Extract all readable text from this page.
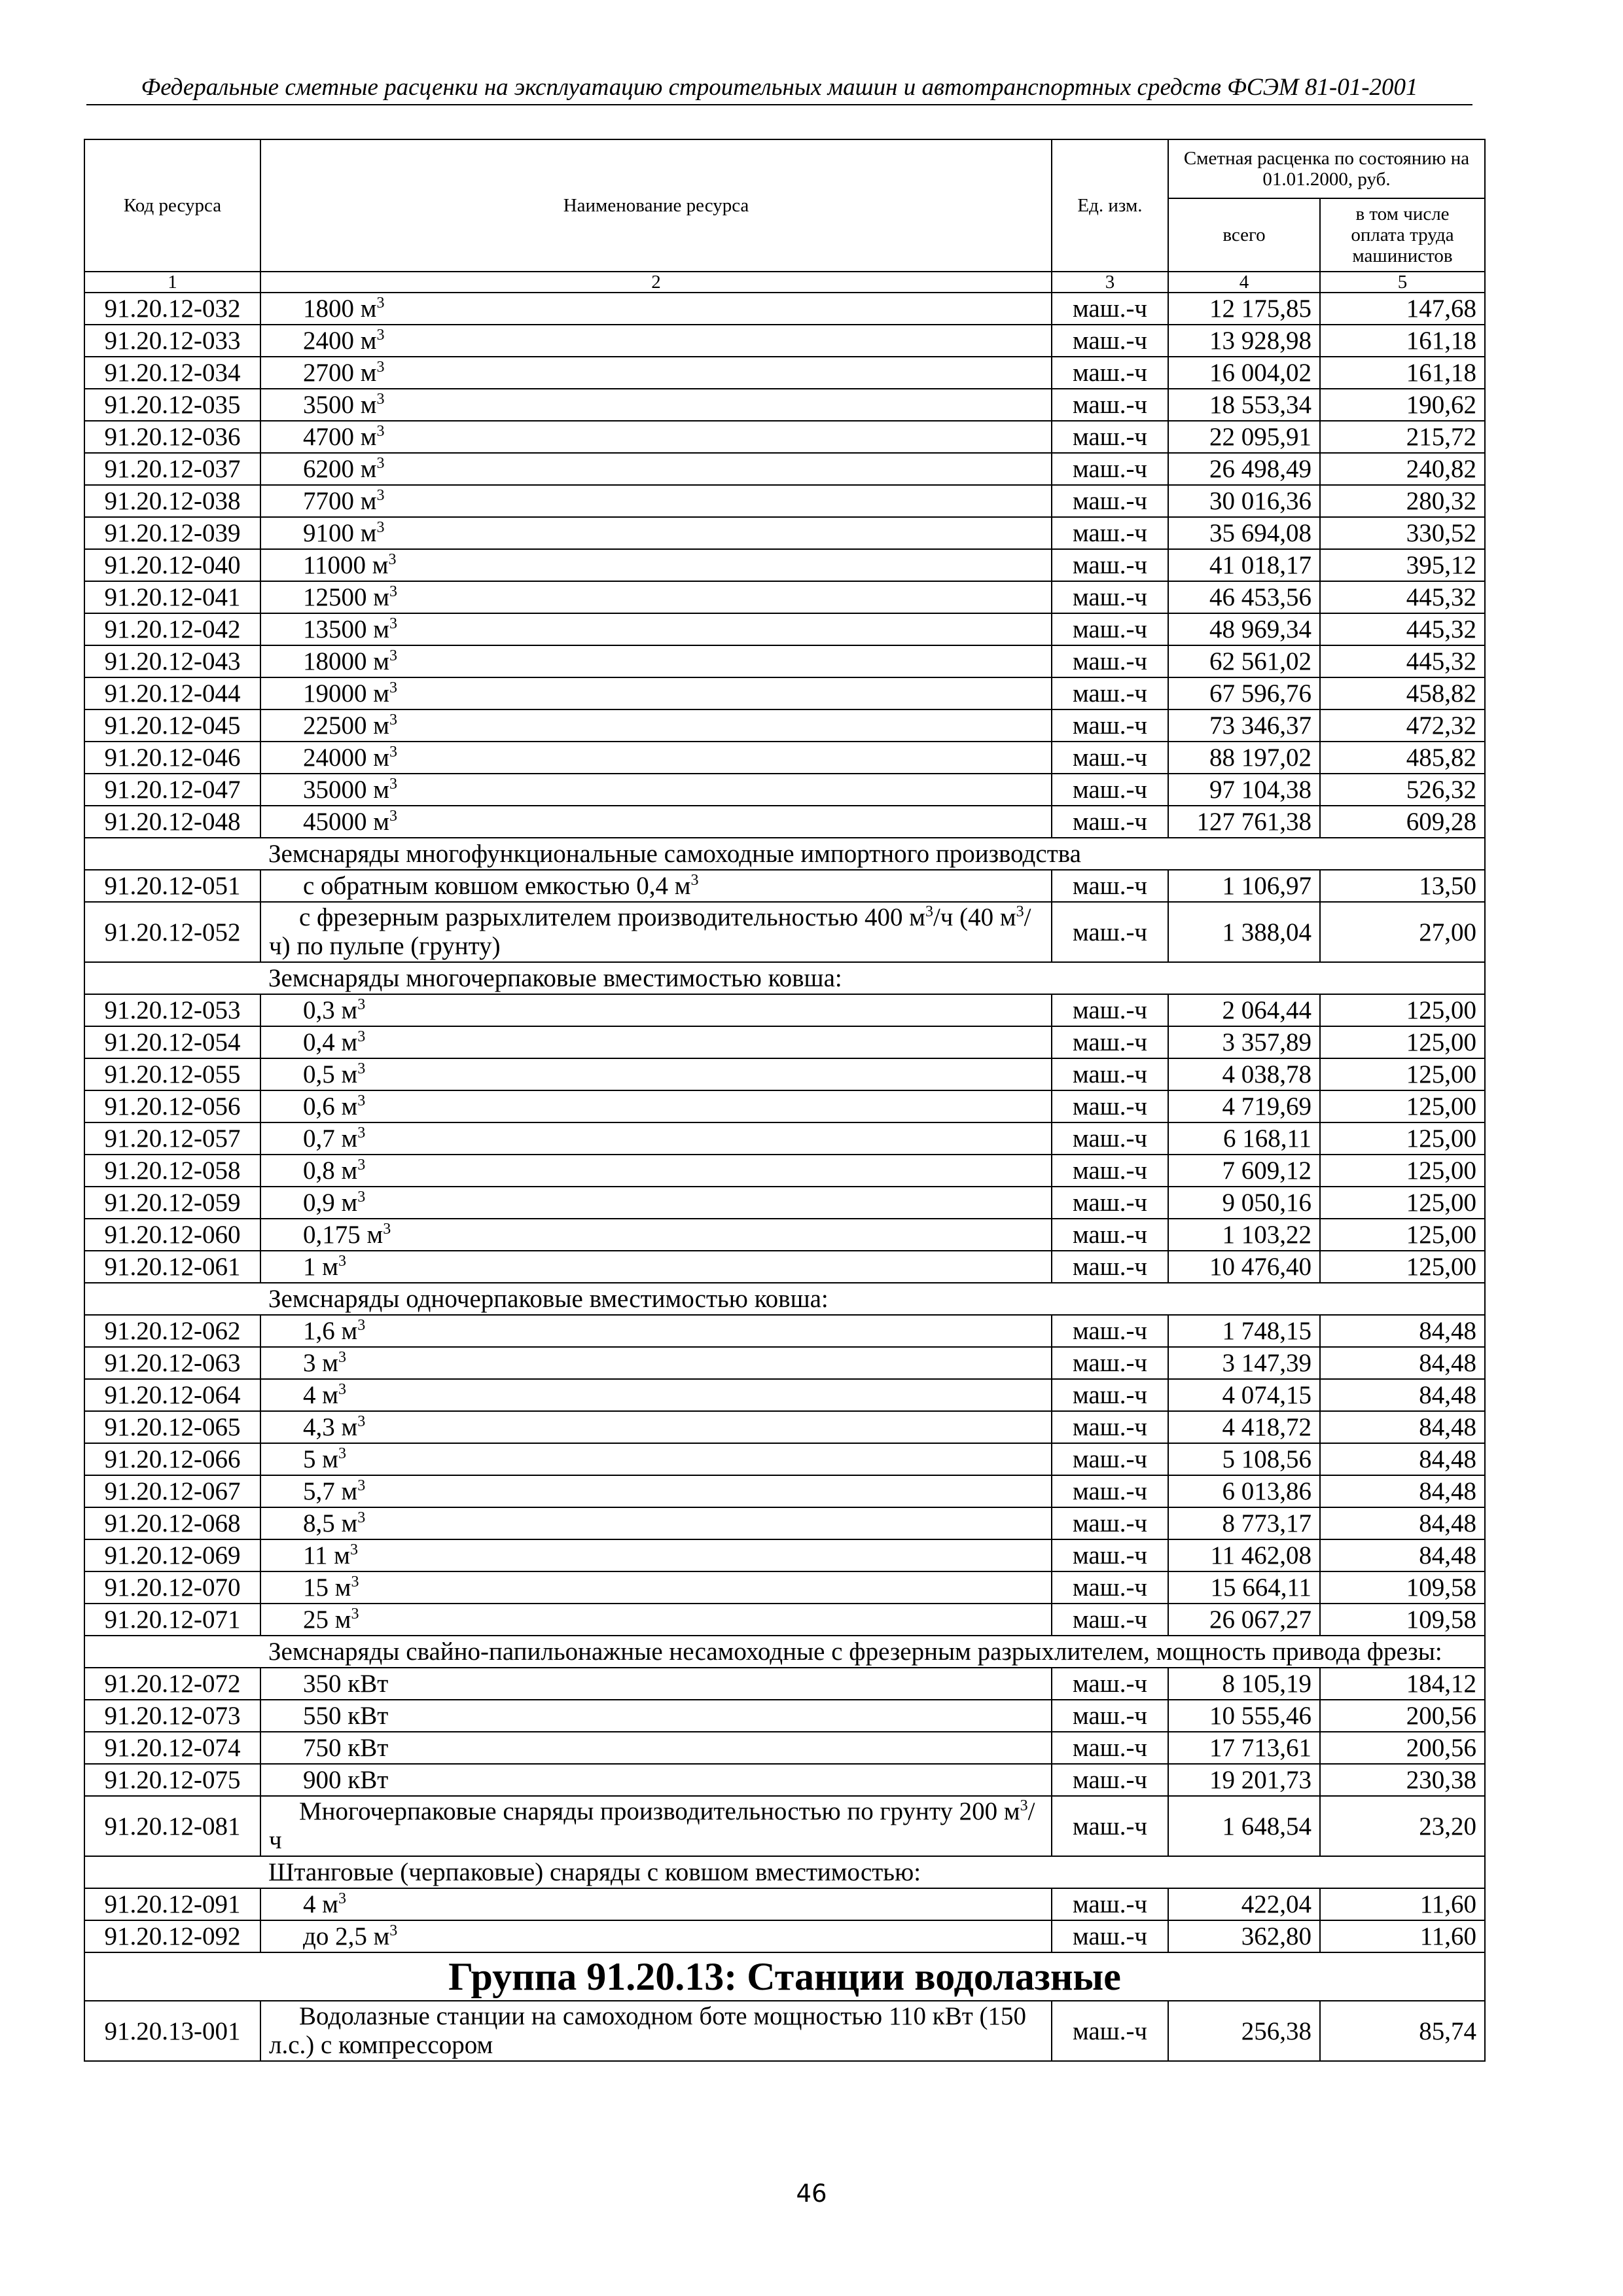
Федеральные сметные расценки на эксплуатацию строительных машин и автотранспортных средств ФСЭМ 81-01-2001
Код ресурса	Наименование ресурса	Ед. изм.	Сметная расценка по состоянию на 01.01.2000, руб.	
			всего	в том числе оплата труда машинистов
1	2	3	4	5
91.20.12-032	1800 $м^3$	маш.-ч	12 175,85	147,68
91.20.12-033	2400 $м^3$	маш.-ч	13 928,98	161,18
91.20.12-034	2700 $м^3$	маш.-ч	16 004,02	161,18
91.20.12-035	3500 $м^3$	маш.-ч	18 553,34	190,62
91.20.12-036	4700 $м^3$	маш.-ч	22 095,91	215,72
91.20.12-037	6200 $м^3$	маш.-ч	26 498,49	240,82
91.20.12-038	7700 $м^3$	маш.-ч	30 016,36	280,32
91.20.12-039	9100 $м^3$	маш.-ч	35 694,08	330,52
91.20.12-040	11000 $м^3$	маш.-ч	41 018,17	395,12
91.20.12-041	12500 $м^3$	маш.-ч	46 453,56	445,32
91.20.12-042	13500 $м^3$	маш.-ч	48 969,34	445,32
91.20.12-043	18000 $м^3$	маш.-ч	62 561,02	445,32
91.20.12-044	19000 $м^3$	маш.-ч	67 596,76	458,82
91.20.12-045	22500 $м^3$	маш.-ч	73 346,37	472,32
91.20.12-046	24000 $м^3$	маш.-ч	88 197,02	485,82
91.20.12-047	35000 $м^3$	маш.-ч	97 104,38	526,32
91.20.12-048	45000 $м^3$	маш.-ч	127 761,38	609,28
Земснаряды многофункциональные самоходные импортного производства				
91.20.12-051	с обратным ковшом емкостью 0,4 $м^3$	маш.-ч	1 106,97	13,50
91.20.12-052	с фрезерным разрыхлителем производительностью 400 $м^3/ч$ (40 $м^3/ч$) по пульпе (грунту)	маш.-ч	1 388,04	27,00
Земснаряды многочерпаковые вместимостью ковша:				
91.20.12-053	0,3 $м^3$	маш.-ч	2 064,44	125,00
91.20.12-054	0,4 $м^3$	маш.-ч	3 357,89	125,00
91.20.12-055	0,5 $м^3$	маш.-ч	4 038,78	125,00
91.20.12-056	0,6 $м^3$	маш.-ч	4 719,69	125,00
91.20.12-057	0,7 $м^3$	маш.-ч	6 168,11	125,00
91.20.12-058	0,8 $м^3$	маш.-ч	7 609,12	125,00
91.20.12-059	0,9 $м^3$	маш.-ч	9 050,16	125,00
91.20.12-060	0,175 $м^3$	маш.-ч	1 103,22	125,00
91.20.12-061	1 $м^3$	маш.-ч	10 476,40	125,00
Земснаряды одночерпаковые вместимостью ковша:				
91.20.12-062	1,6 $м^3$	маш.-ч	1 748,15	84,48
91.20.12-063	3 $м^3$	маш.-ч	3 147,39	84,48
91.20.12-064	4 $м^3$	маш.-ч	4 074,15	84,48
91.20.12-065	4,3 $м^3$	маш.-ч	4 418,72	84,48
91.20.12-066	5 $м^3$	маш.-ч	5 108,56	84,48
91.20.12-067	5,7 $м^3$	маш.-ч	6 013,86	84,48
91.20.12-068	8,5 $м^3$	маш.-ч	8 773,17	84,48
91.20.12-069	11 $м^3$	маш.-ч	11 462,08	84,48
91.20.12-070	15 $м^3$	маш.-ч	15 664,11	109,58
91.20.12-071	25 $м^3$	маш.-ч	26 067,27	109,58
Земснаряды свайно-папильонажные несамоходные с фрезерным разрыхлителем, мощность привода фрезы:				
91.20.12-072	350 кВт	маш.-ч	8 105,19	184,12
91.20.12-073	550 кВт	маш.-ч	10 555,46	200,56
91.20.12-074	750 кВт	маш.-ч	17 713,61	200,56
91.20.12-075	900 кВт	маш.-ч	19 201,73	230,38
91.20.12-081	Многочерпаковые снаряды производительностью по грунту 200 $м^3/ч$	маш.-ч	1 648,54	23,20
Штанговые (черпаковые) снаряды с ковшом вместимостью:				
91.20.12-091	4 $м^3$	маш.-ч	422,04	11,60
91.20.12-092	до 2,5 $м^3$	маш.-ч	362,80	11,60
Группа 91.20.13: Станции водолазные				
91.20.13-001	Водолазные станции на самоходном боте мощностью 110 кВт (150 л.с.) с компрессором	маш.-ч	256,38	85,74
46
